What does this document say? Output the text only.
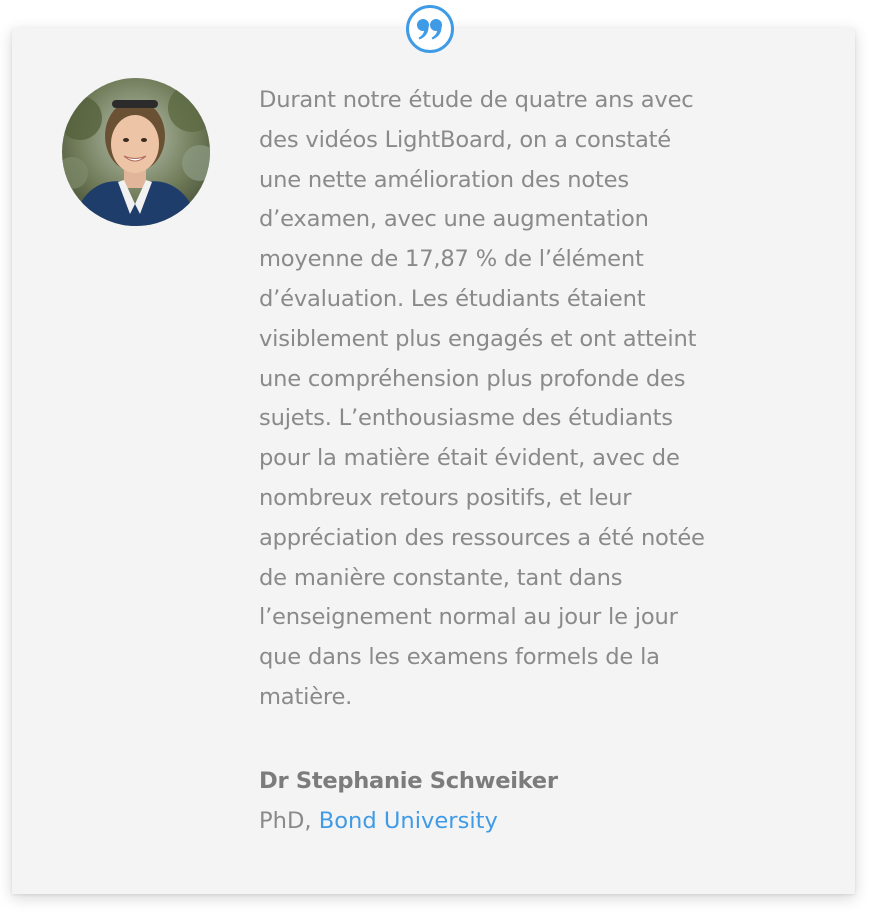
Durant notre étude de quatre ans avec
des vidéos LightBoard, on a constaté
une nette amélioration des notes
d’examen, avec une augmentation
moyenne de 17,87 % de l’élément
d’évaluation. Les étudiants étaient
visiblement plus engagés et ont atteint
une compréhension plus profonde des
sujets. L’enthousiasme des étudiants
pour la matière était évident, avec de
nombreux retours positifs, et leur
appréciation des ressources a été notée
de manière constante, tant dans
l’enseignement normal au jour le jour
que dans les examens formels de la
matière.

Dr Stephanie Schweiker
PhD, Bond University
